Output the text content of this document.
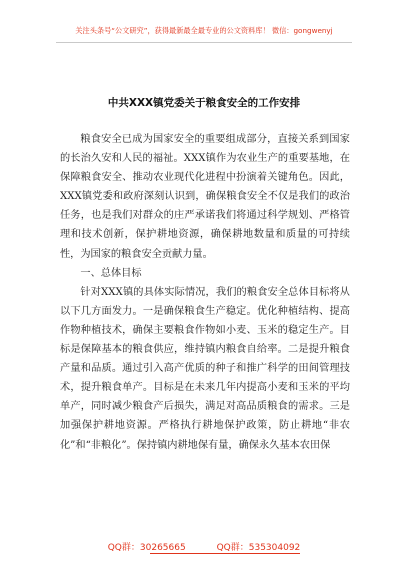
关注头条号“公文研究”，获得最新最全最专业的公文资料库！ 微信：gongwenyj
中共XXX镇党委关于粮食安全的工作安排

粮食安全已成为国家安全的重要组成部分，直接关系到国家的长治久安和人民的福祉。XXX镇作为农业生产的重要基地，在保障粮食安全、推动农业现代化进程中扮演着关键角色。因此，XXX镇党委和政府深刻认识到，确保粮食安全不仅是我们的政治任务，也是我们对群众的庄严承诺我们将通过科学规划、严格管理和技术创新，保护耕地资源，确保耕地数量和质量的可持续性，为国家的粮食安全贡献力量。

一、总体目标

针对XXX镇的具体实际情况，我们的粮食安全总体目标将从以下几方面发力。一是确保粮食生产稳定。优化种植结构、提高作物种植技术，确保主要粮食作物如小麦、玉米的稳定生产。目标是保障基本的粮食供应，维持镇内粮食自给率。二是提升粮食产量和品质。通过引入高产优质的种子和推广科学的田间管理技术，提升粮食单产。目标是在未来几年内提高小麦和玉米的平均单产，同时减少粮食产后损失，满足对高品质粮食的需求。三是加强保护耕地资源。严格执行耕地保护政策，防止耕地“非农化”和“非粮化”。保持镇内耕地保有量，确保永久基本农田保

QQ群：30265665	QQ群：535304092
